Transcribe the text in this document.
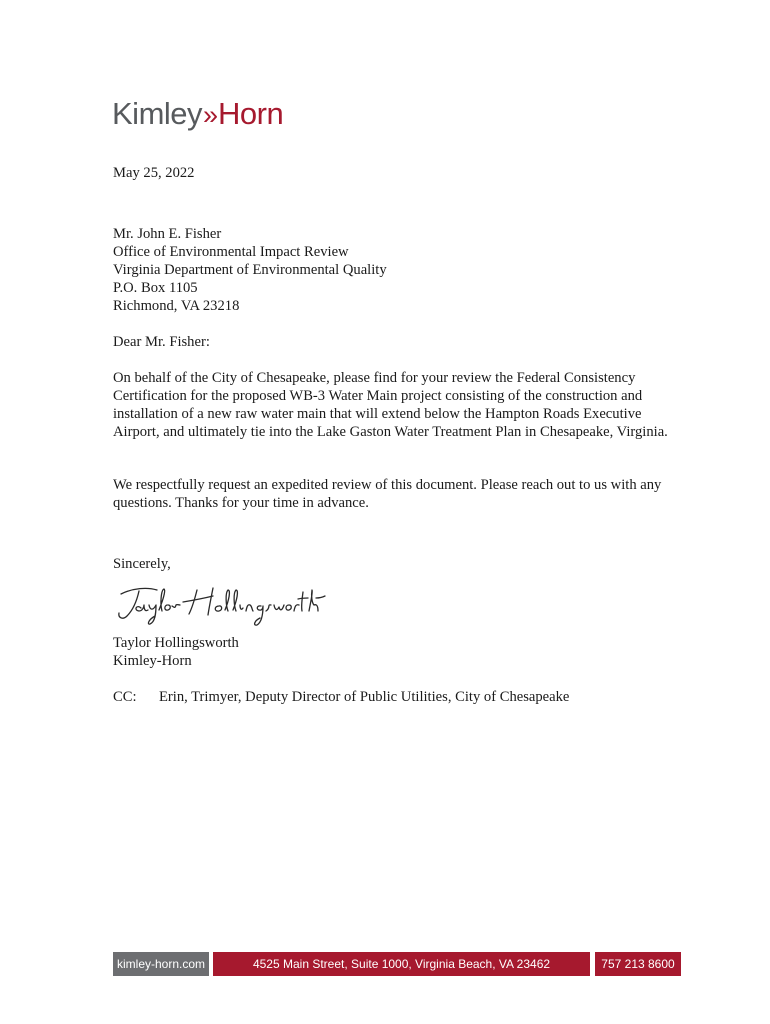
Kimley » Horn
May 25, 2022
Mr. John E. Fisher
Office of Environmental Impact Review
Virginia Department of Environmental Quality
P.O. Box 1105
Richmond, VA 23218
Dear Mr. Fisher:
On behalf of the City of Chesapeake, please find for your review the Federal Consistency Certification for the proposed WB-3 Water Main project consisting of the construction and installation of a new raw water main that will extend below the Hampton Roads Executive Airport, and ultimately tie into the Lake Gaston Water Treatment Plan in Chesapeake, Virginia.
We respectfully request an expedited review of this document. Please reach out to us with any questions. Thanks for your time in advance.
Sincerely,
Taylor Hollingsworth
Kimley-Horn
CC:	Erin, Trimyer, Deputy Director of Public Utilities, City of Chesapeake
kimley-horn.com	4525 Main Street, Suite 1000, Virginia Beach, VA 23462	757 213 8600
